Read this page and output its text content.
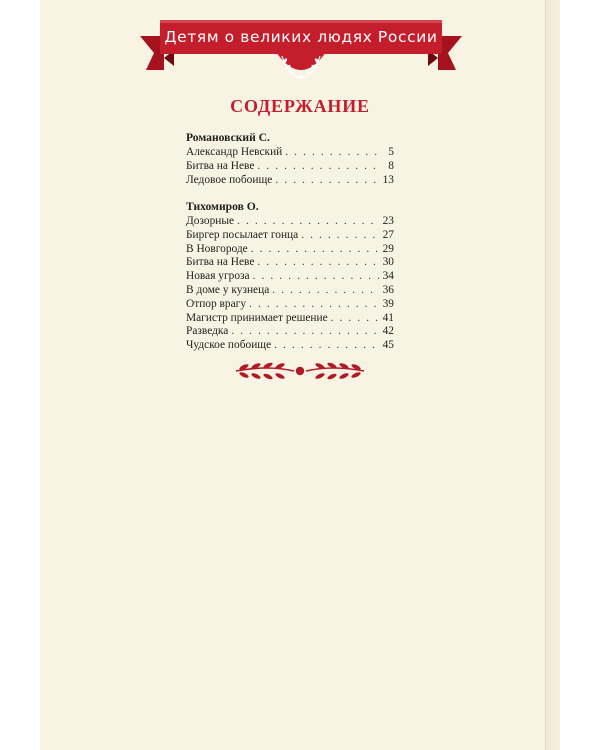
Детям о великих людях России
СОДЕРЖАНИЕ
Романовский С.
Александр Невский . . .	5
Битва на Неве . . .	8
Ледовое побоище . . .	13
Тихомиров О.
Дозорные . . .	23
Биргер посылает гонца . . .	27
В Новгороде . . .	29
Битва на Неве . . .	30
Новая угроза . . .	34
В доме у кузнеца . . .	36
Отпор врагу . . .	39
Магистр принимает решение . . .	41
Разведка . . .	42
Чудское побоище . . .	45
